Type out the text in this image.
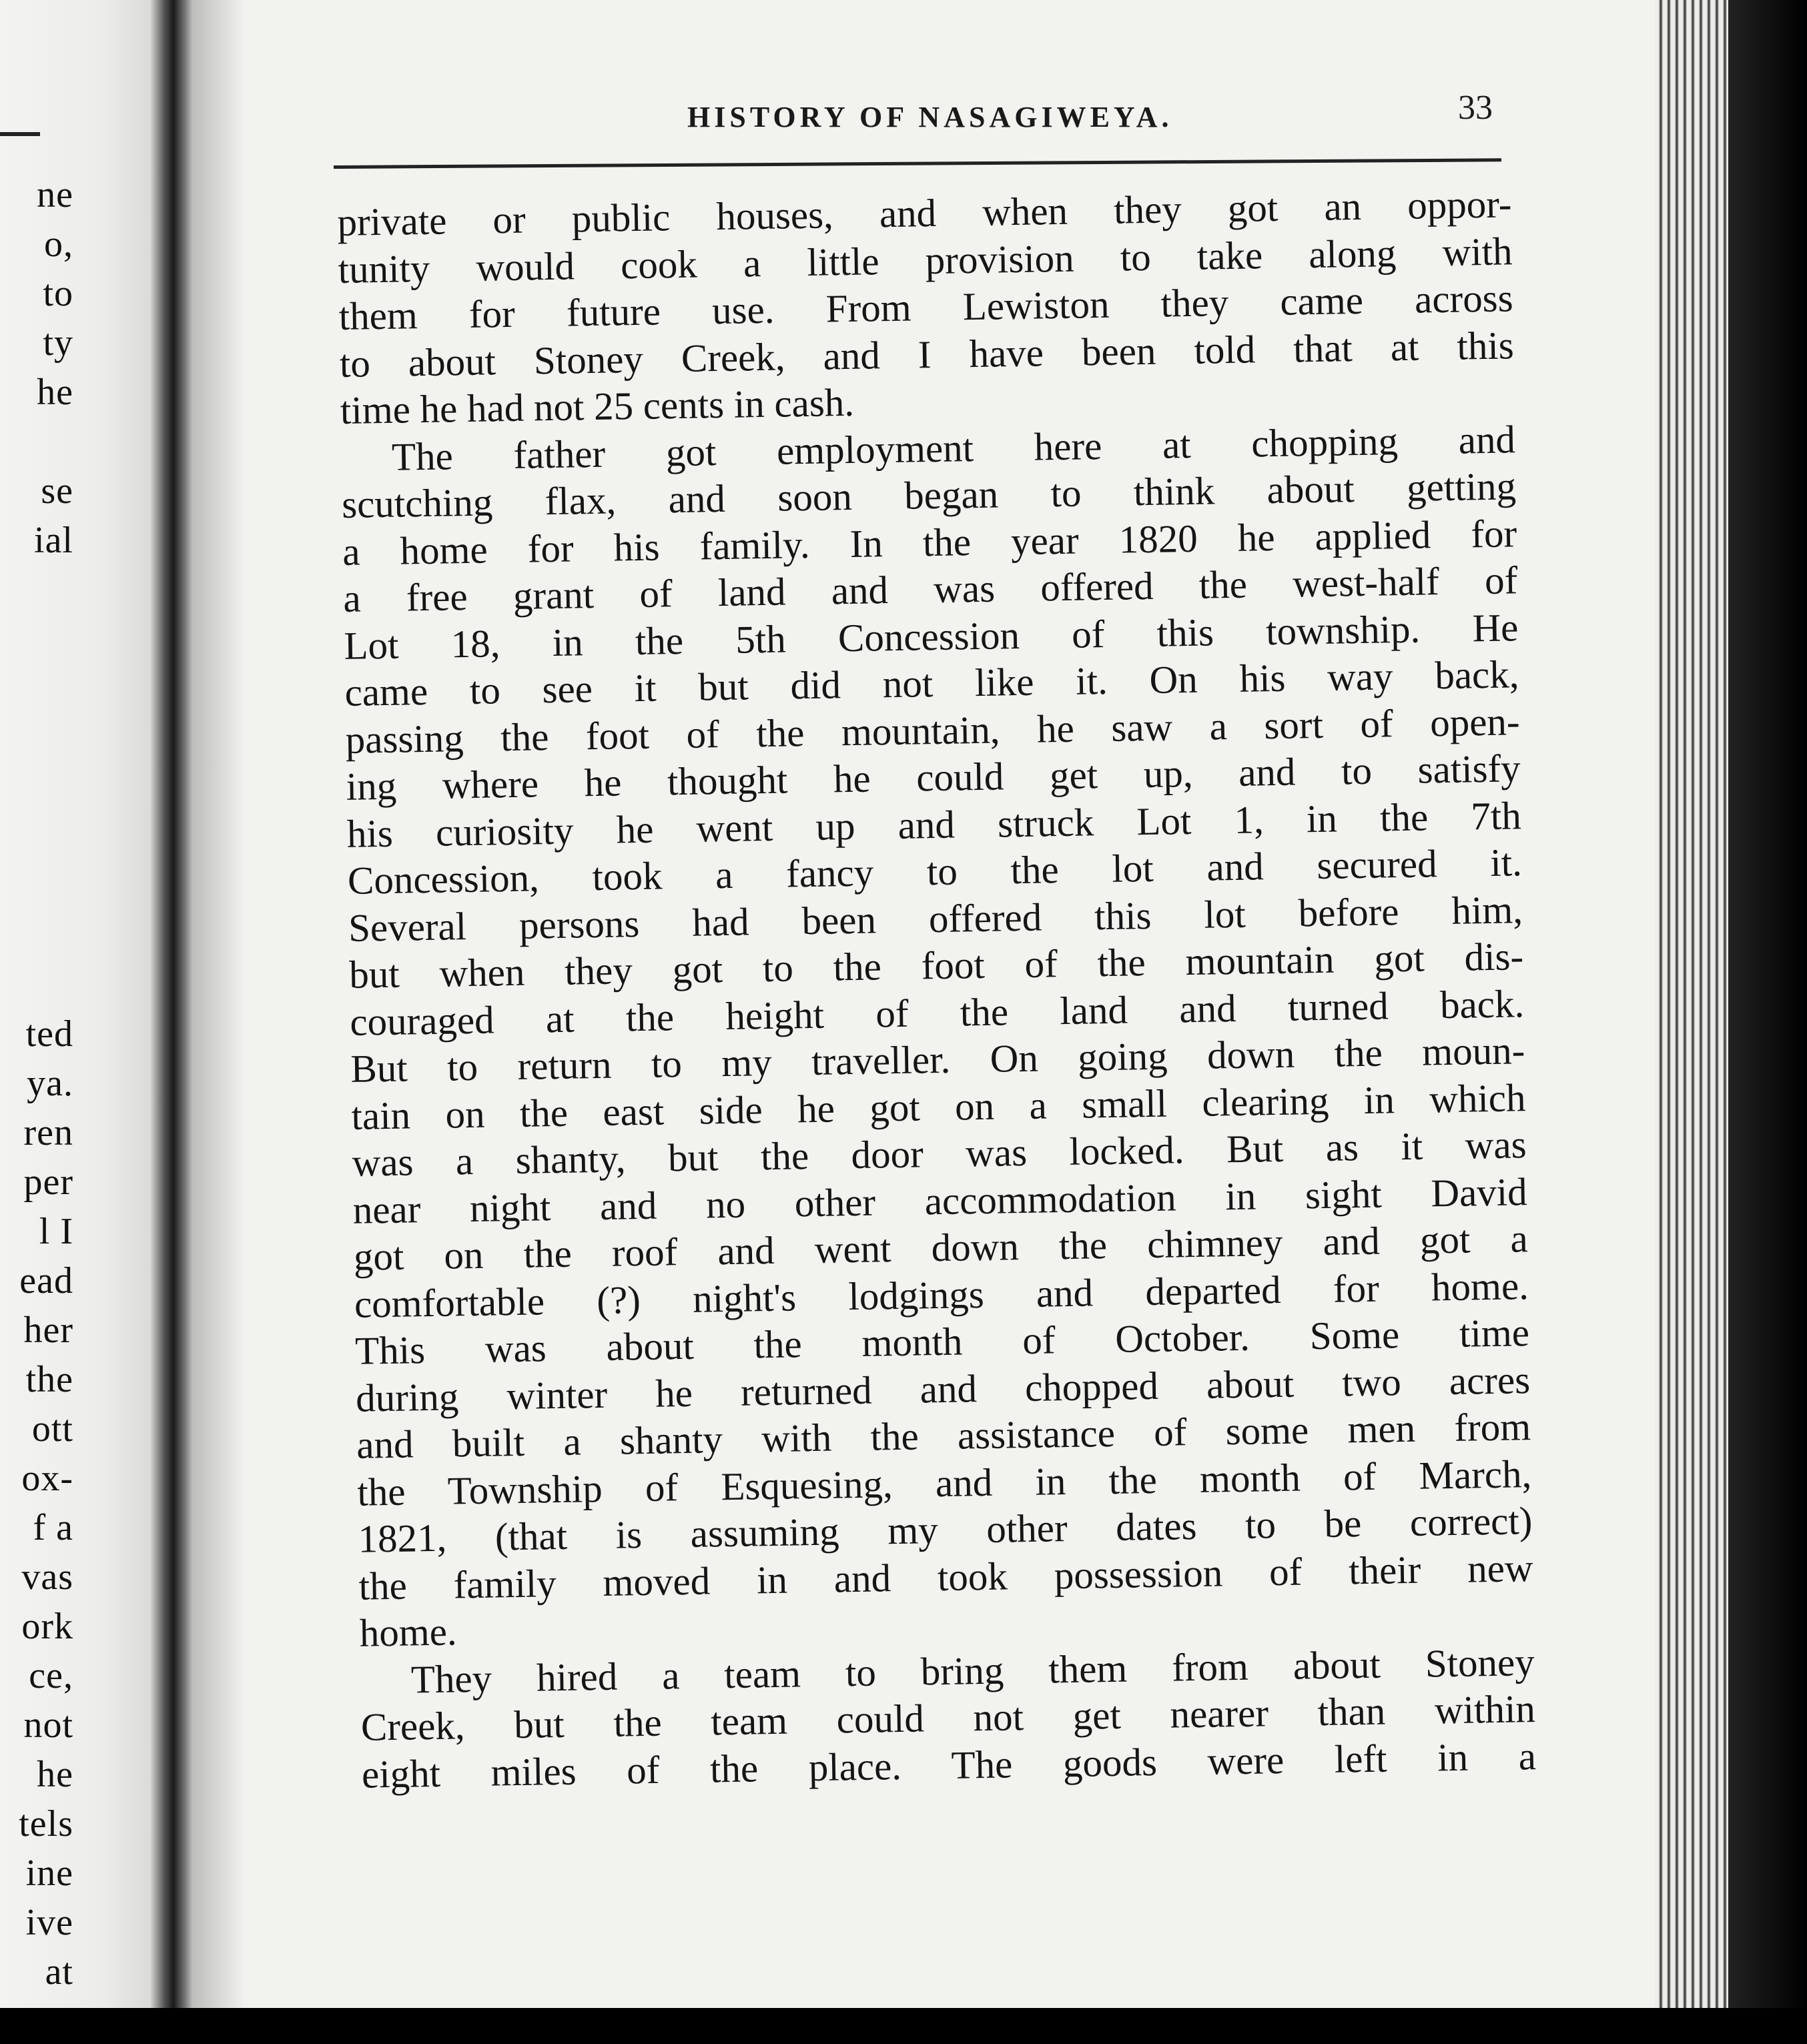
ne
o,
to
ty
he
se
ial
ted
ya.
ren
per
l I
ead
her
the
ott
ox-
f a
vas
ork
ce,
not
he
tels
ine
ive
at
HISTORY OF NASAGIWEYA.	33
private or public houses, and when they got an oppor-
tunity would cook a little provision to take along with
them for future use. From Lewiston they came across
to about Stoney Creek, and I have been told that at this
time he had not 25 cents in cash.
The father got employment here at chopping and
scutching flax, and soon began to think about getting
a home for his family. In the year 1820 he applied for
a free grant of land and was offered the west-half of
Lot 18, in the 5th Concession of this township. He
came to see it but did not like it. On his way back,
passing the foot of the mountain, he saw a sort of open-
ing where he thought he could get up, and to satisfy
his curiosity he went up and struck Lot 1, in the 7th
Concession, took a fancy to the lot and secured it.
Several persons had been offered this lot before him,
but when they got to the foot of the mountain got dis-
couraged at the height of the land and turned back.
But to return to my traveller. On going down the moun-
tain on the east side he got on a small clearing in which
was a shanty, but the door was locked. But as it was
near night and no other accommodation in sight David
got on the roof and went down the chimney and got a
comfortable (?) night's lodgings and departed for home.
This was about the month of October. Some time
during winter he returned and chopped about two acres
and built a shanty with the assistance of some men from
the Township of Esquesing, and in the month of March,
1821, (that is assuming my other dates to be correct)
the family moved in and took possession of their new
home.
They hired a team to bring them from about Stoney
Creek, but the team could not get nearer than within
eight miles of the place. The goods were left in a
